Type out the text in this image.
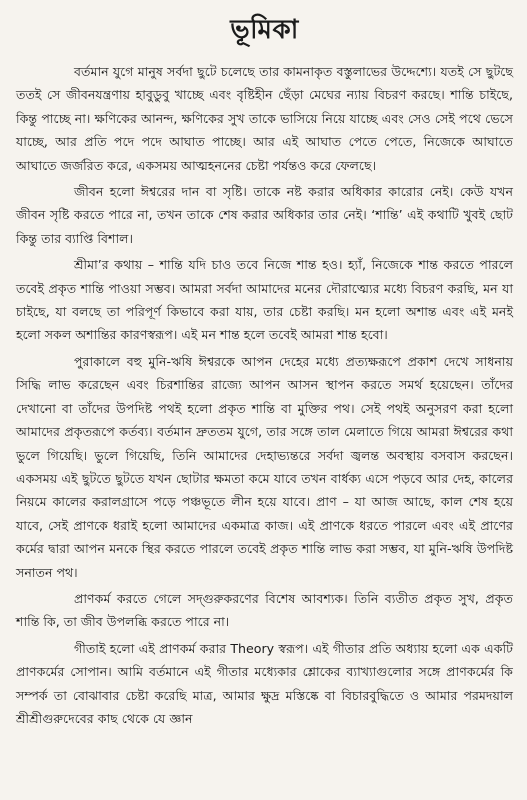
ভূমিকা

বর্তমান যুগে মানুষ সর্বদা ছুটে চলেছে তার কামনাকৃত বস্তুলাভের উদ্দেশ্যে। যতই সে ছুটছে ততই সে জীবনযন্ত্রণায় হাবুডুবু খাচ্ছে এবং বৃষ্টিহীন ছেঁড়া মেঘের ন্যায় বিচরণ করছে। শান্তি চাইছে, কিন্তু পাচ্ছে না। ক্ষণিকের আনন্দ, ক্ষণিকের সুখ তাকে ভাসিয়ে নিয়ে যাচ্ছে এবং সেও সেই পথে ভেসে যাচ্ছে, আর প্রতি পদে পদে আঘাত পাচ্ছে। আর এই আঘাত পেতে পেতে, নিজেকে আঘাতে আঘাতে জর্জরিত করে, একসময় আত্মহননের চেষ্টা পর্যন্তও করে ফেলছে।

জীবন হলো ঈশ্বরের দান বা সৃষ্টি। তাকে নষ্ট করার অধিকার কারোর নেই। কেউ যখন জীবন সৃষ্টি করতে পারে না, তখন তাকে শেষ করার অধিকার তার নেই। ‘শান্তি’ এই কথাটি খুবই ছোট কিন্তু তার ব্যাপ্তি বিশাল।

শ্রীমা’র কথায় – শান্তি যদি চাও তবে নিজে শান্ত হও। হ্যাঁ, নিজেকে শান্ত করতে পারলে তবেই প্রকৃত শান্তি পাওয়া সম্ভব। আমরা সর্বদা আমাদের মনের দৌরাত্ম্যের মধ্যে বিচরণ করছি, মন যা চাইছে, যা বলছে তা পরিপূর্ণ কিভাবে করা যায়, তার চেষ্টা করছি। মন হলো অশান্ত এবং এই মনই হলো সকল অশান্তির কারণস্বরূপ। এই মন শান্ত হলে তবেই আমরা শান্ত হবো।

পুরাকালে বহু মুনি-ঋষি ঈশ্বরকে আপন দেহের মধ্যে প্রত্যক্ষরূপে প্রকাশ দেখে সাধনায় সিদ্ধি লাভ করেছেন এবং চিরশান্তির রাজ্যে আপন আসন স্থাপন করতে সমর্থ হয়েছেন। তাঁদের দেখানো বা তাঁদের উপদিষ্ট পথই হলো প্রকৃত শান্তি বা মুক্তির পথ। সেই পথই অনুসরণ করা হলো আমাদের প্রকৃতরূপে কর্তব্য। বর্তমান দ্রুততম যুগে, তার সঙ্গে তাল মেলাতে গিয়ে আমরা ঈশ্বরের কথা ভুলে গিয়েছি। ভুলে গিয়েছি, তিনি আমাদের দেহাভ্যন্তরে সর্বদা জ্বলন্ত অবস্থায় বসবাস করছেন। একসময় এই ছুটতে ছুটতে যখন ছোটার ক্ষমতা কমে যাবে তখন বার্ধক্য এসে পড়বে আর দেহ, কালের নিয়মে কালের করালগ্রাসে পড়ে পঞ্চভূতে লীন হয়ে যাবে। প্রাণ – যা আজ আছে, কাল শেষ হয়ে যাবে, সেই প্রাণকে ধরাই হলো আমাদের একমাত্র কাজ। এই প্রাণকে ধরতে পারলে এবং এই প্রাণের কর্মের দ্বারা আপন মনকে স্থির করতে পারলে তবেই প্রকৃত শান্তি লাভ করা সম্ভব, যা মুনি-ঋষি উপদিষ্ট সনাতন পথ।

প্রাণকর্ম করতে গেলে সদ্গুরুকরণের বিশেষ আবশ্যক। তিনি ব্যতীত প্রকৃত সুখ, প্রকৃত শান্তি কি, তা জীব উপলব্ধি করতে পারে না।

গীতাই হলো এই প্রাণকর্ম করার Theory স্বরূপ। এই গীতার প্রতি অধ্যায় হলো এক একটি প্রাণকর্মের সোপান। আমি বর্তমানে এই গীতার মধ্যেকার শ্লোকের ব্যাখ্যাগুলোর সঙ্গে প্রাণকর্মের কি সম্পর্ক তা বোঝাবার চেষ্টা করেছি মাত্র, আমার ক্ষুদ্র মস্তিষ্কে বা বিচারবুদ্ধিতে ও আমার পরমদয়াল শ্রীশ্রীগুরুদেবের কাছ থেকে যে জ্ঞান
